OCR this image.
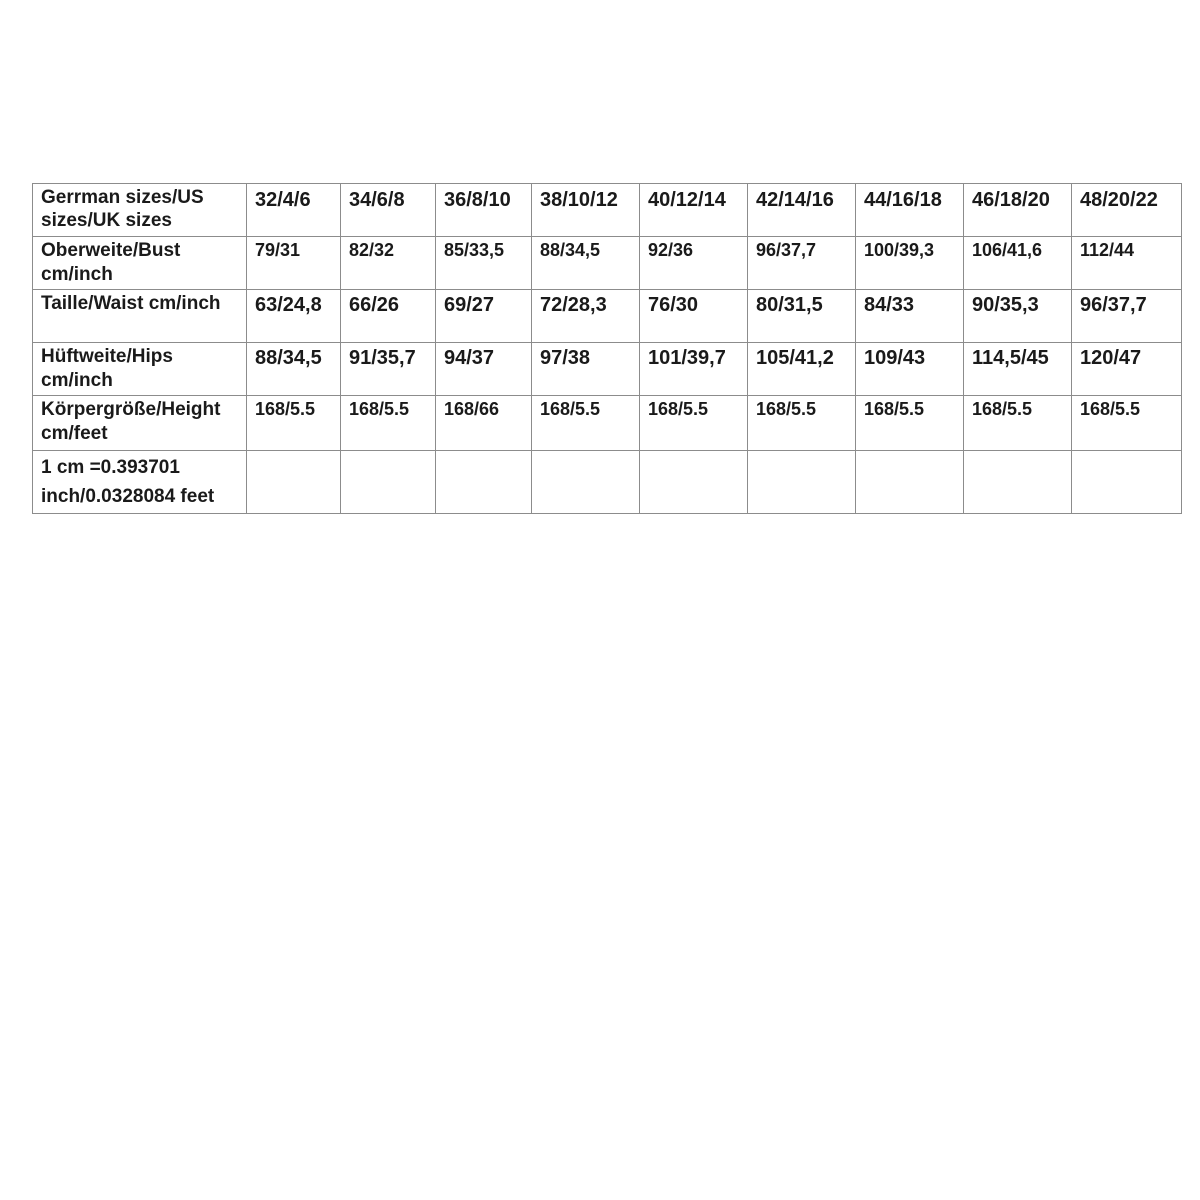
Gerrman sizes/US sizes/UK sizes	32/4/6	34/6/8	36/8/10	38/10/12	40/12/14	42/14/16	44/16/18	46/18/20	48/20/22
Oberweite/Bust cm/inch	79/31	82/32	85/33,5	88/34,5	92/36	96/37,7	100/39,3	106/41,6	112/44
Taille/Waist cm/inch	63/24,8	66/26	69/27	72/28,3	76/30	80/31,5	84/33	90/35,3	96/37,7
Hüftweite/Hips cm/inch	88/34,5	91/35,7	94/37	97/38	101/39,7	105/41,2	109/43	114,5/45	120/47
Körpergröße/Height cm/feet	168/5.5	168/5.5	168/66	168/5.5	168/5.5	168/5.5	168/5.5	168/5.5	168/5.5
1 cm =0.393701 inch/0.0328084 feet									
